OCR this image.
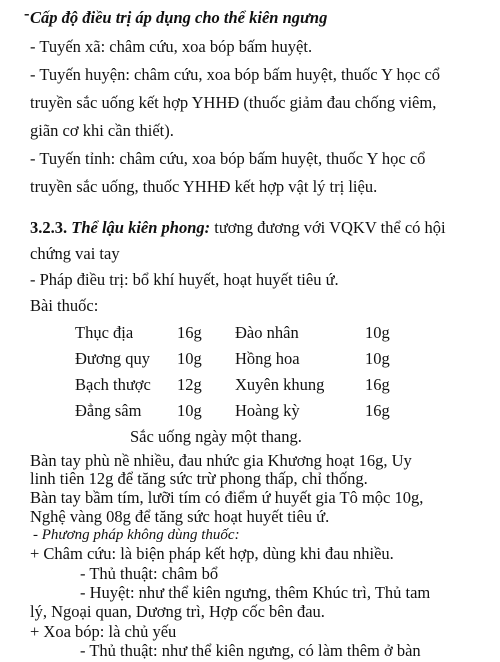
- Cấp độ điều trị áp dụng cho thể kiên ngưng
- Tuyến xã: châm cứu, xoa bóp bấm huyệt.
- Tuyến huyện: châm cứu, xoa bóp bấm huyệt, thuốc Y học cổ
truyền sắc uống kết hợp YHHĐ (thuốc giảm đau chống viêm,
giãn cơ khi cần thiết).
- Tuyến tỉnh: châm cứu, xoa bóp bấm huyệt, thuốc Y học cổ
truyền sắc uống, thuốc YHHĐ kết hợp vật lý trị liệu.
3.2.3. Thể lậu kiên phong: tương đương với VQKV thể có hội
chứng vai tay
- Pháp điều trị: bổ khí huyết, hoạt huyết tiêu ứ.
Bài thuốc:
Thục địa	16g Đào nhân	10g
Đương quy 10g Hồng hoa	10g
Bạch thược 12g Xuyên khung 16g
Đẳng sâm 10g Hoàng kỳ	16g
Sắc uống ngày một thang.
Bàn tay phù nề nhiều, đau nhức gia Khương hoạt 16g, Uy
linh tiên 12g để tăng sức trừ phong thấp, chỉ thống.
Bàn tay bầm tím, lưỡi tím có điểm ứ huyết gia Tô mộc 10g,
Nghệ vàng 08g để tăng sức hoạt huyết tiêu ứ.
- Phương pháp không dùng thuốc:
+ Châm cứu: là biện pháp kết hợp, dùng khi đau nhiều.
- Thủ thuật: châm bổ
- Huyệt: như thể kiên ngưng, thêm Khúc trì, Thủ tam
lý, Ngoại quan, Dương trì, Hợp cốc bên đau.
+ Xoa bóp: là chủ yếu
- Thủ thuật: như thể kiên ngưng, có làm thêm ở bàn
